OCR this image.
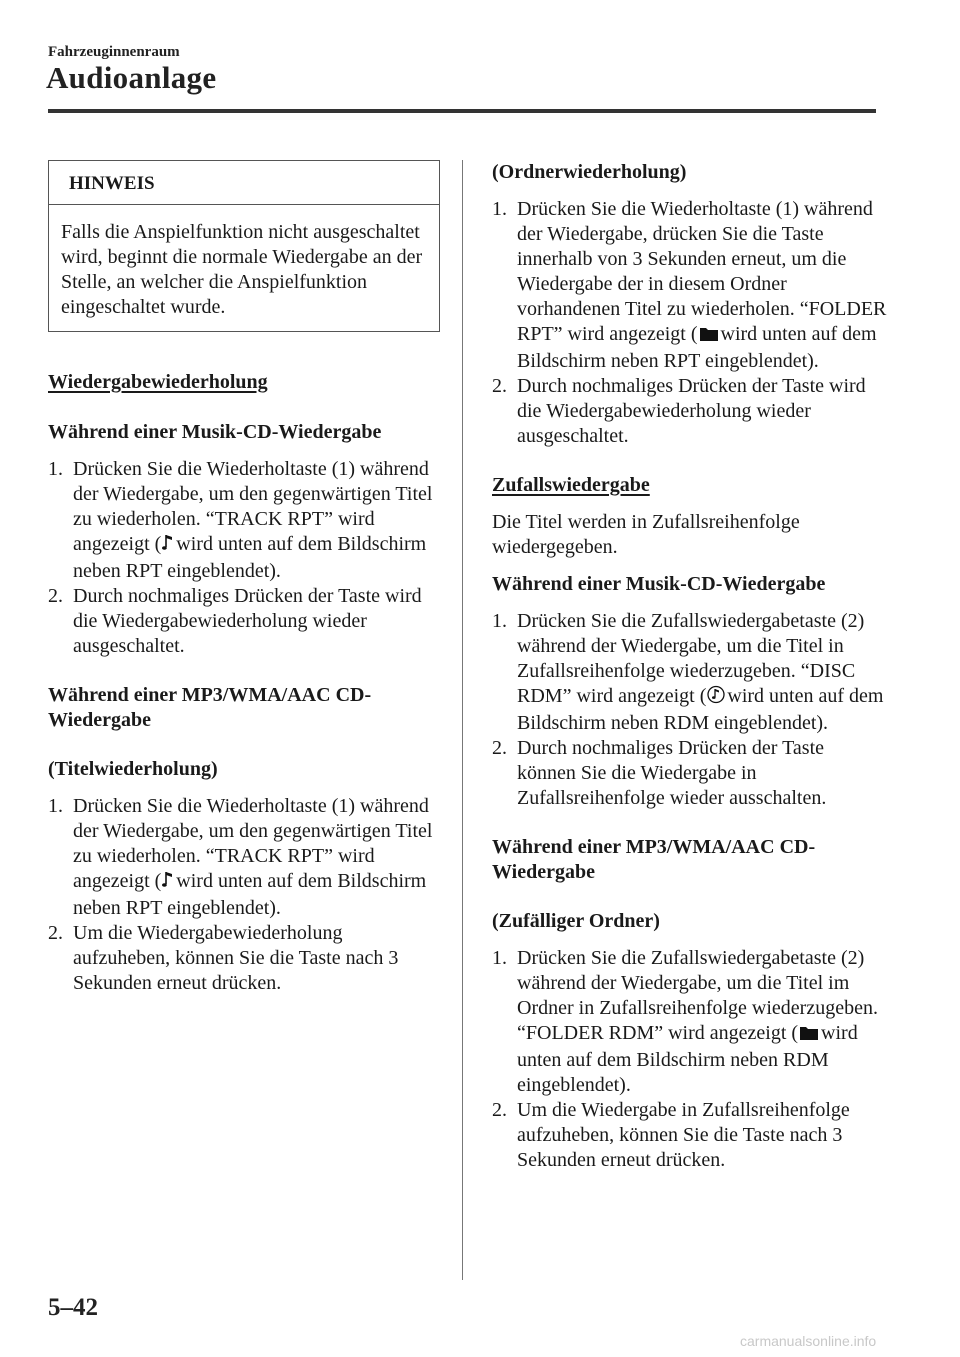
Fahrzeuginnenraum
Audioanlage
HINWEIS
Falls die Anspielfunktion nicht ausgeschaltet wird, beginnt die normale Wiedergabe an der Stelle, an welcher die Anspielfunktion eingeschaltet wurde.
Wiedergabewiederholung
Während einer Musik-CD-Wiedergabe
1. Drücken Sie die Wiederholtaste (1) während der Wiedergabe, um den gegenwärtigen Titel zu wiederholen. “TRACK RPT” wird angezeigt ( wird unten auf dem Bildschirm neben RPT eingeblendet).
2. Durch nochmaliges Drücken der Taste wird die Wiedergabewiederholung wieder ausgeschaltet.
Während einer MP3/WMA/AAC CD-Wiedergabe
(Titelwiederholung)
1. Drücken Sie die Wiederholtaste (1) während der Wiedergabe, um den gegenwärtigen Titel zu wiederholen. “TRACK RPT” wird angezeigt ( wird unten auf dem Bildschirm neben RPT eingeblendet).
2. Um die Wiedergabewiederholung aufzuheben, können Sie die Taste nach 3 Sekunden erneut drücken.
(Ordnerwiederholung)
1. Drücken Sie die Wiederholtaste (1) während der Wiedergabe, drücken Sie die Taste innerhalb von 3 Sekunden erneut, um die Wiedergabe der in diesem Ordner vorhandenen Titel zu wiederholen. “FOLDER RPT” wird angezeigt ( wird unten auf dem Bildschirm neben RPT eingeblendet).
2. Durch nochmaliges Drücken der Taste wird die Wiedergabewiederholung wieder ausgeschaltet.
Zufallswiedergabe
Die Titel werden in Zufallsreihenfolge wiedergegeben.
Während einer Musik-CD-Wiedergabe
1. Drücken Sie die Zufallswiedergabetaste (2) während der Wiedergabe, um die Titel in Zufallsreihenfolge wiederzugeben. “DISC RDM” wird angezeigt ( wird unten auf dem Bildschirm neben RDM eingeblendet).
2. Durch nochmaliges Drücken der Taste können Sie die Wiedergabe in Zufallsreihenfolge wieder ausschalten.
Während einer MP3/WMA/AAC CD-Wiedergabe
(Zufälliger Ordner)
1. Drücken Sie die Zufallswiedergabetaste (2) während der Wiedergabe, um die Titel im Ordner in Zufallsreihenfolge wiederzugeben. “FOLDER RDM” wird angezeigt ( wird unten auf dem Bildschirm neben RDM eingeblendet).
2. Um die Wiedergabe in Zufallsreihenfolge aufzuheben, können Sie die Taste nach 3 Sekunden erneut drücken.
5–42
carmanualsonline.info
